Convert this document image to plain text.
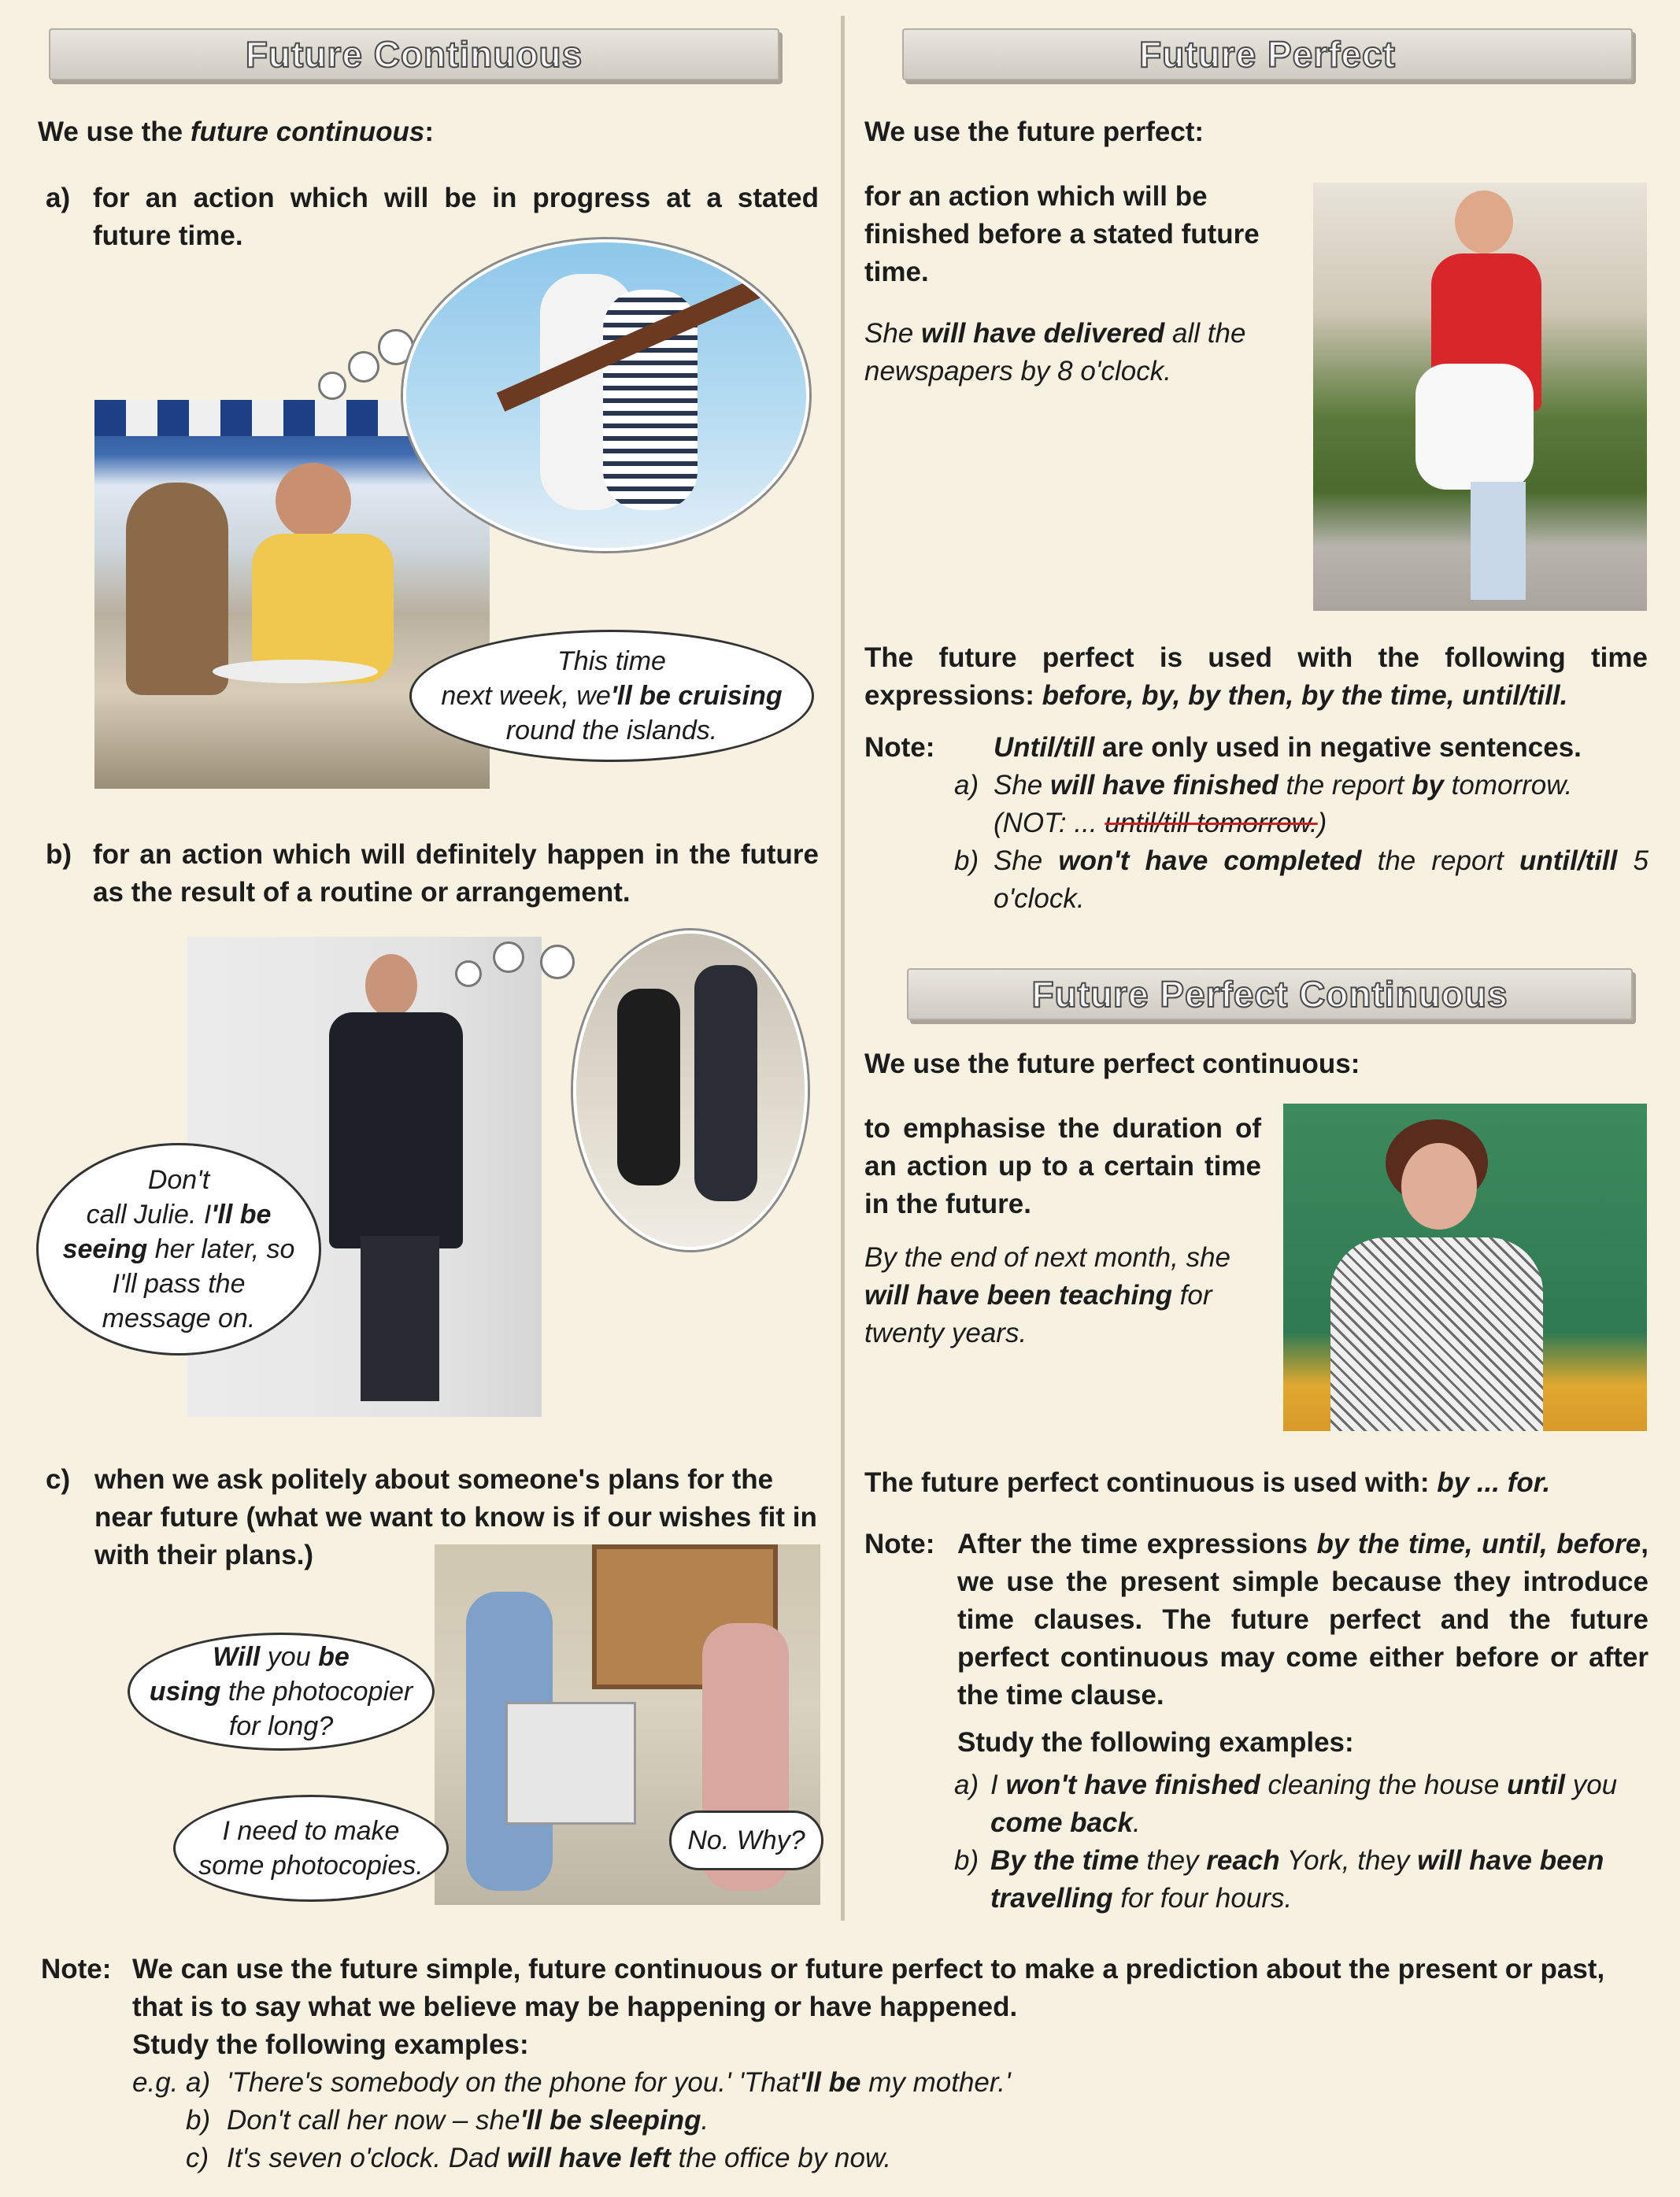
Future Continuous
We use the future continuous:
a) for an action which will be in progress at a stated future time.
This time
next week, we'll be cruising
round the islands.
b) for an action which will definitely happen in the future as the result of a routine or arrangement.
Don't
call Julie. I'll be
seeing her later, so
I'll pass the
message on.
c) when we ask politely about someone's plans for the near future (what we want to know is if our wishes fit in with their plans.)
Will you be
using the photocopier
for long?
I need to make
some photocopies.
No. Why?
Future Perfect
We use the future perfect:
for an action which will be finished before a stated future time.
She will have delivered all the newspapers by 8 o'clock.
The future perfect is used with the following time expressions: before, by, by then, by the time, until/till.
Note: Until/till are only used in negative sentences.
a) She will have finished the report by tomorrow.
(NOT: ... until/till tomorrow.)
b) She won't have completed the report until/till 5 o'clock.
Future Perfect Continuous
We use the future perfect continuous:
to emphasise the duration of an action up to a certain time in the future.
By the end of next month, she will have been teaching for twenty years.
The future perfect continuous is used with: by ... for.
Note: After the time expressions by the time, until, before, we use the present simple because they introduce time clauses. The future perfect and the future perfect continuous may come either before or after the time clause.
Study the following examples:
a) I won't have finished cleaning the house until you come back.
b) By the time they reach York, they will have been travelling for four hours.
Note: We can use the future simple, future continuous or future perfect to make a prediction about the present or past, that is to say what we believe may be happening or have happened.
Study the following examples:
e.g. a) 'There's somebody on the phone for you.' 'That'll be my mother.'
b) Don't call her now – she'll be sleeping.
c) It's seven o'clock. Dad will have left the office by now.
